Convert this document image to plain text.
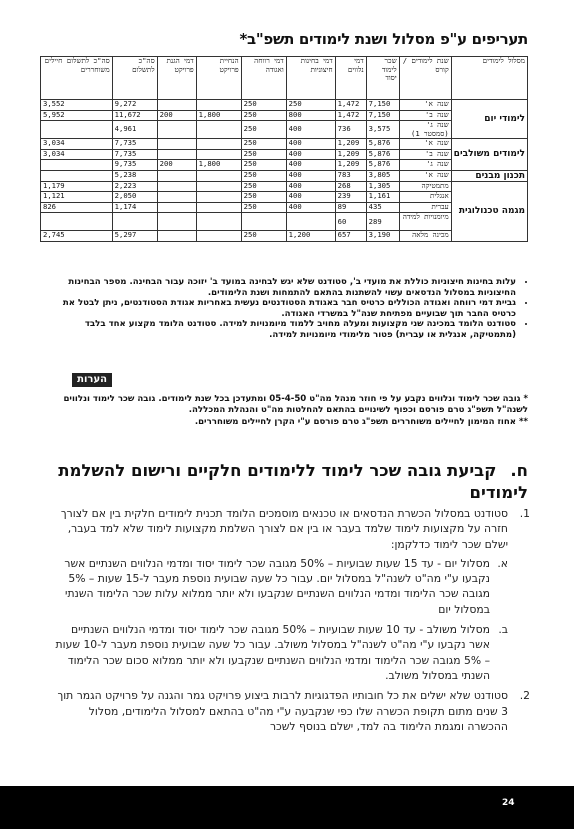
תעריפים ע"פ מסלול ושנת לימודים תשפ"ב*
מסלול לימודים	שנת לימודים / קורס	שכר לימוד יסוד	דמי נלווים	דמי בחינות חיצוניות	דמי רווחה ואגודה	הנחיית פרויקט	דמי הגנת פרויקט	סה"כ לתשלום	סה"כ לתשלום חיילים משוחררים
לימודי יום	שנה א'	7,150	1,472	250	250			9,272	3,552
	שנה ב'	7,150	1,472	800	250	1,800	200	11,672	5,952
	שנה ג' (סמסטר 1)	3,575	736	400	250			4,961	
לימודים משולבים	שנה א'	5,876	1,209	400	250			7,735	3,034
	שנה ב'	5,876	1,209	400	250			7,735	3,034
	שנה ג'	5,876	1,209	400	250	1,800	200	9,735	
תכנון מבנים	שנה א'	3,805	783	400	250			5,238	
מגמה טכנולוגית	מתמטיקה	1,305	268	400	250			2,223	1,179
	אנגלית	1,161	239	400	250			2,050	1,121
	עברית	435	89	400	250			1,174	826
	מיומנויות למידה	289	60						
	מכינה מלאה	3,190	657	1,200	250			5,297	2,745
• עלות בחינות חיצוניות כוללת את מועדי ב', סטודנט שלא יגש לבחינה במועד ב' יזוכה עבור הבחינה. מספר הבחינות החיצוניות במסלול הנדסאים עשוי להשתנות בהתאם להתמחות ושנת הלימודים.
• גביית דמי רווחה ואגודה הכוללים כרטיס חבר באגודת הסטודנטים נעשית באחריות אגודת הסטודנטים, ניתן לבטל את כרטיס החבר תוך שבועיים מפתיחת שנה"ל במשרדי האגודה.
• סטודנט הלומד במכינה שני מקצועות ומעלה מחויב ללמוד מיומנויות למידה. סטודנט הלומד מקצוע אחד בלבד (מתמטיקה, אנגלית או עברית) פטור מלימודי מיומנויות למידה.
הערות

* גובה שכר לימוד ונלווים נקבע על פי חוזר מנהל מה"ט 05-4-50 ומתעדכן בכל שנת לימודים. גובה שכר לימוד ונלווים לשנה"ל תשפ"ג טרם פורסם וכפוף לשינויים בהתאם להחלטות מה"ט והנהלת המכללה.

** אחוז המימון לחיילים משוחררים תשפ"ג טרם פורסם ע"י הקרן לחיילים משוחררים.

ח.קביעת גובה שכר לימוד ללימודים חלקיים ורישום להשלמת לימודים
1.
סטודנט במסלול הכשרת הנדסאים או טכנאים מוסמכים הלומד תכנית לימודים חלקית בין אם לצורך חזרה על מקצועות לימוד שלמד בעבר או בין אם לצורך השלמת מקצועות לימוד שלא למד בעבר, ישלם שכר לימוד כדלקמן:
א.
מסלול יום - עד 15 שעות שבועיות – 50% מגובה שכר לימוד יסוד ומדמי הנלווים השנתיים אשר נקבעו ע"י מה"ט לשנה"ל במסלול יום. עבור כל שעה שבועית נוספת מעבר ל-15 שעות – 5% מגובה שכר הלימוד ומדמי הנלווים השנתיים שנקבעו ולא יותר ממלוא עלות שכר הלימוד השנתי במסלול יום
ב.
מסלול משולב - עד 10 שעות שבועיות – 50% מגובה שכר לימוד יסוד ומדמי הנלווים השנתיים אשר נקבעו ע"י מה"ט לשנה"ל במסלול משולב. עבור כל שעה שבועית נוספת מעבר ל-10 שעות – 5% מגובה שכר הלימוד ומדמי הנלווים השנתיים שנקבעו ולא יותר ממלוא סכום שכר הלימוד השנתי במסלול משולב.
2.
סטודנט שלא ישלים את כל חובותיו הפדגוגיות לרבות ביצוע פרויקט גמר והגנה על פרויקט הגמר תוך 3 שנים מתום תקופת הכשרה שלו כפי שנקבעה ע"י מה"ט בהתאם למסלול הלימודים, מסלול ההכשרה ומגמת הלימוד בה למד, ישלם בנוסף לשכר
24
